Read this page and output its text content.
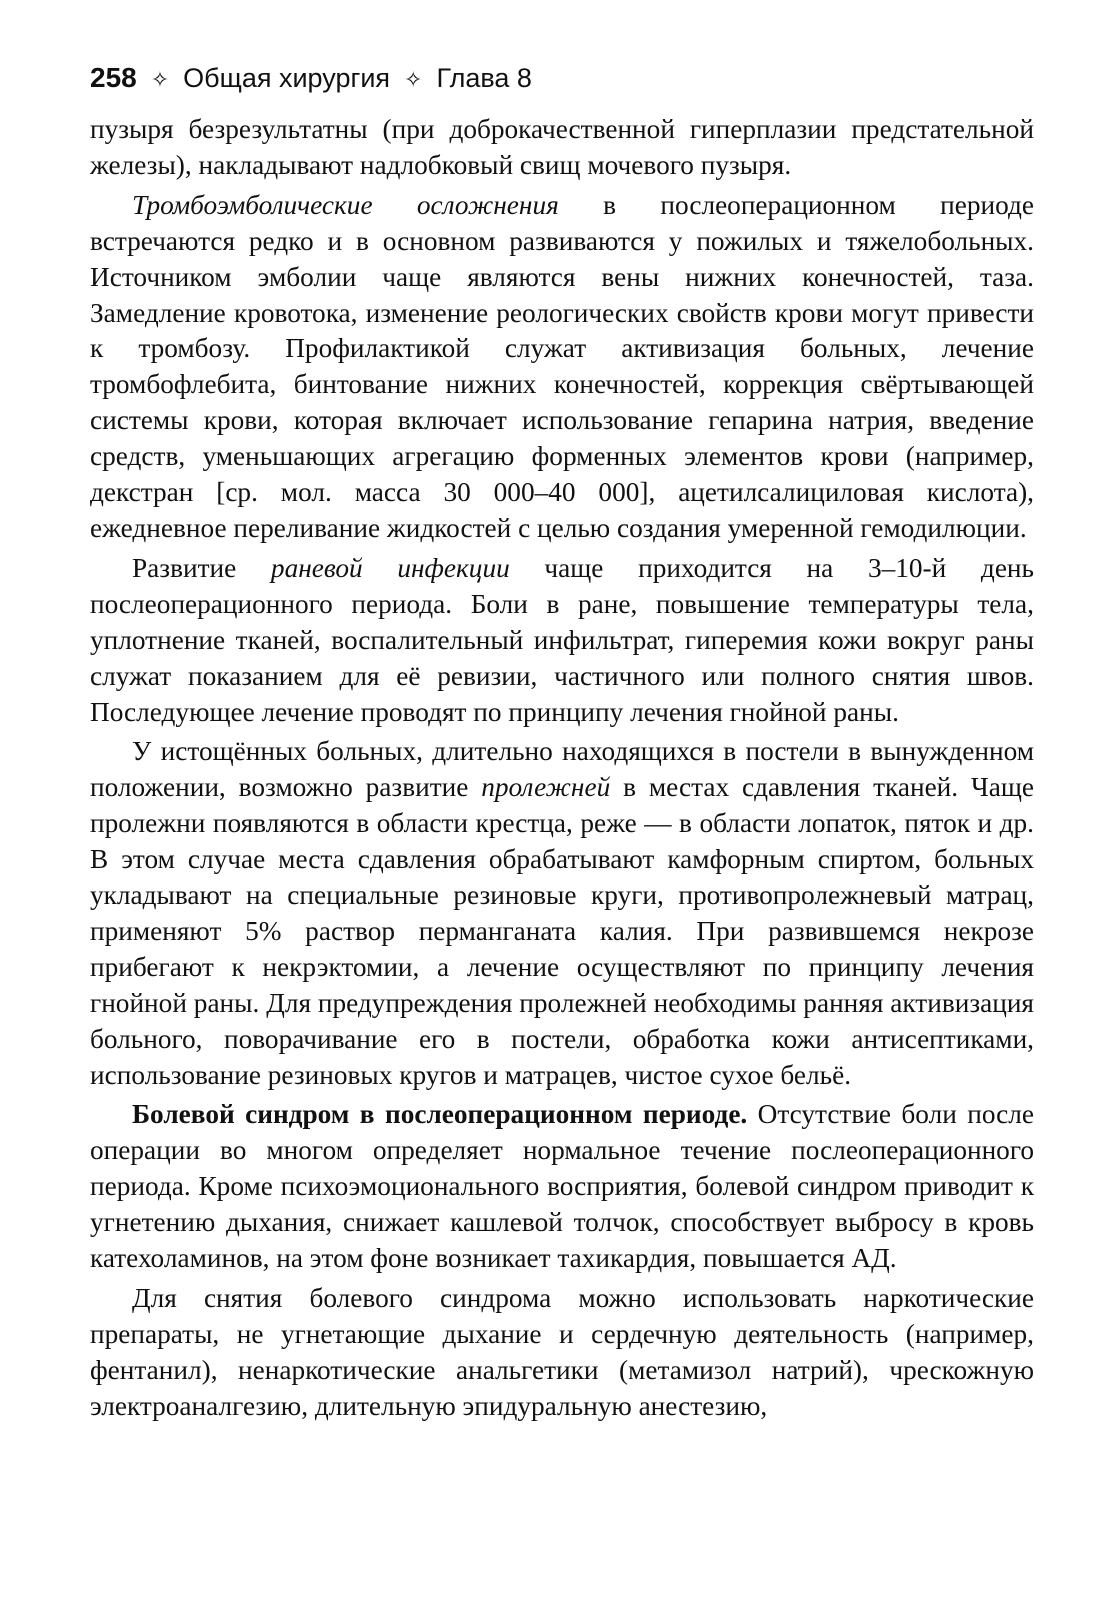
258 ✧ Общая хирургия ✧ Глава 8

пузыря безрезультатны (при доброкачественной гиперплазии предстательной железы), накладывают надлобковый свищ мочевого пузыря.

Тромбоэмболические осложнения в послеоперационном периоде встречаются редко и в основном развиваются у пожилых и тяжелобольных. Источником эмболии чаще являются вены нижних конечностей, таза. Замедление кровотока, изменение реологических свойств крови могут привести к тромбозу. Профилактикой служат активизация больных, лечение тромбофлебита, бинтование нижних конечностей, коррекция свёртывающей системы крови, которая включает использование гепарина натрия, введение средств, уменьшающих агрегацию форменных элементов крови (например, декстран [ср. мол. масса 30 000–40 000], ацетилсалициловая кислота), ежедневное переливание жидкостей с целью создания умеренной гемодилюции.

Развитие раневой инфекции чаще приходится на 3–10-й день послеоперационного периода. Боли в ране, повышение температуры тела, уплотнение тканей, воспалительный инфильтрат, гиперемия кожи вокруг раны служат показанием для её ревизии, частичного или полного снятия швов. Последующее лечение проводят по принципу лечения гнойной раны.

У истощённых больных, длительно находящихся в постели в вынужденном положении, возможно развитие пролежней в местах сдавления тканей. Чаще пролежни появляются в области крестца, реже — в области лопаток, пяток и др. В этом случае места сдавления обрабатывают камфорным спиртом, больных укладывают на специальные резиновые круги, противопролежневый матрац, применяют 5% раствор перманганата калия. При развившемся некрозе прибегают к некрэктомии, а лечение осуществляют по принципу лечения гнойной раны. Для предупреждения пролежней необходимы ранняя активизация больного, поворачивание его в постели, обработка кожи антисептиками, использование резиновых кругов и матрацев, чистое сухое бельё.

Болевой синдром в послеоперационном периоде. Отсутствие боли после операции во многом определяет нормальное течение послеоперационного периода. Кроме психоэмоционального восприятия, болевой синдром приводит к угнетению дыхания, снижает кашлевой толчок, способствует выбросу в кровь катехоламинов, на этом фоне возникает тахикардия, повышается АД.

Для снятия болевого синдрома можно использовать наркотические препараты, не угнетающие дыхание и сердечную деятельность (например, фентанил), ненаркотические анальгетики (метамизол натрий), чрескожную электроаналгезию, длительную эпидуральную анестезию,
